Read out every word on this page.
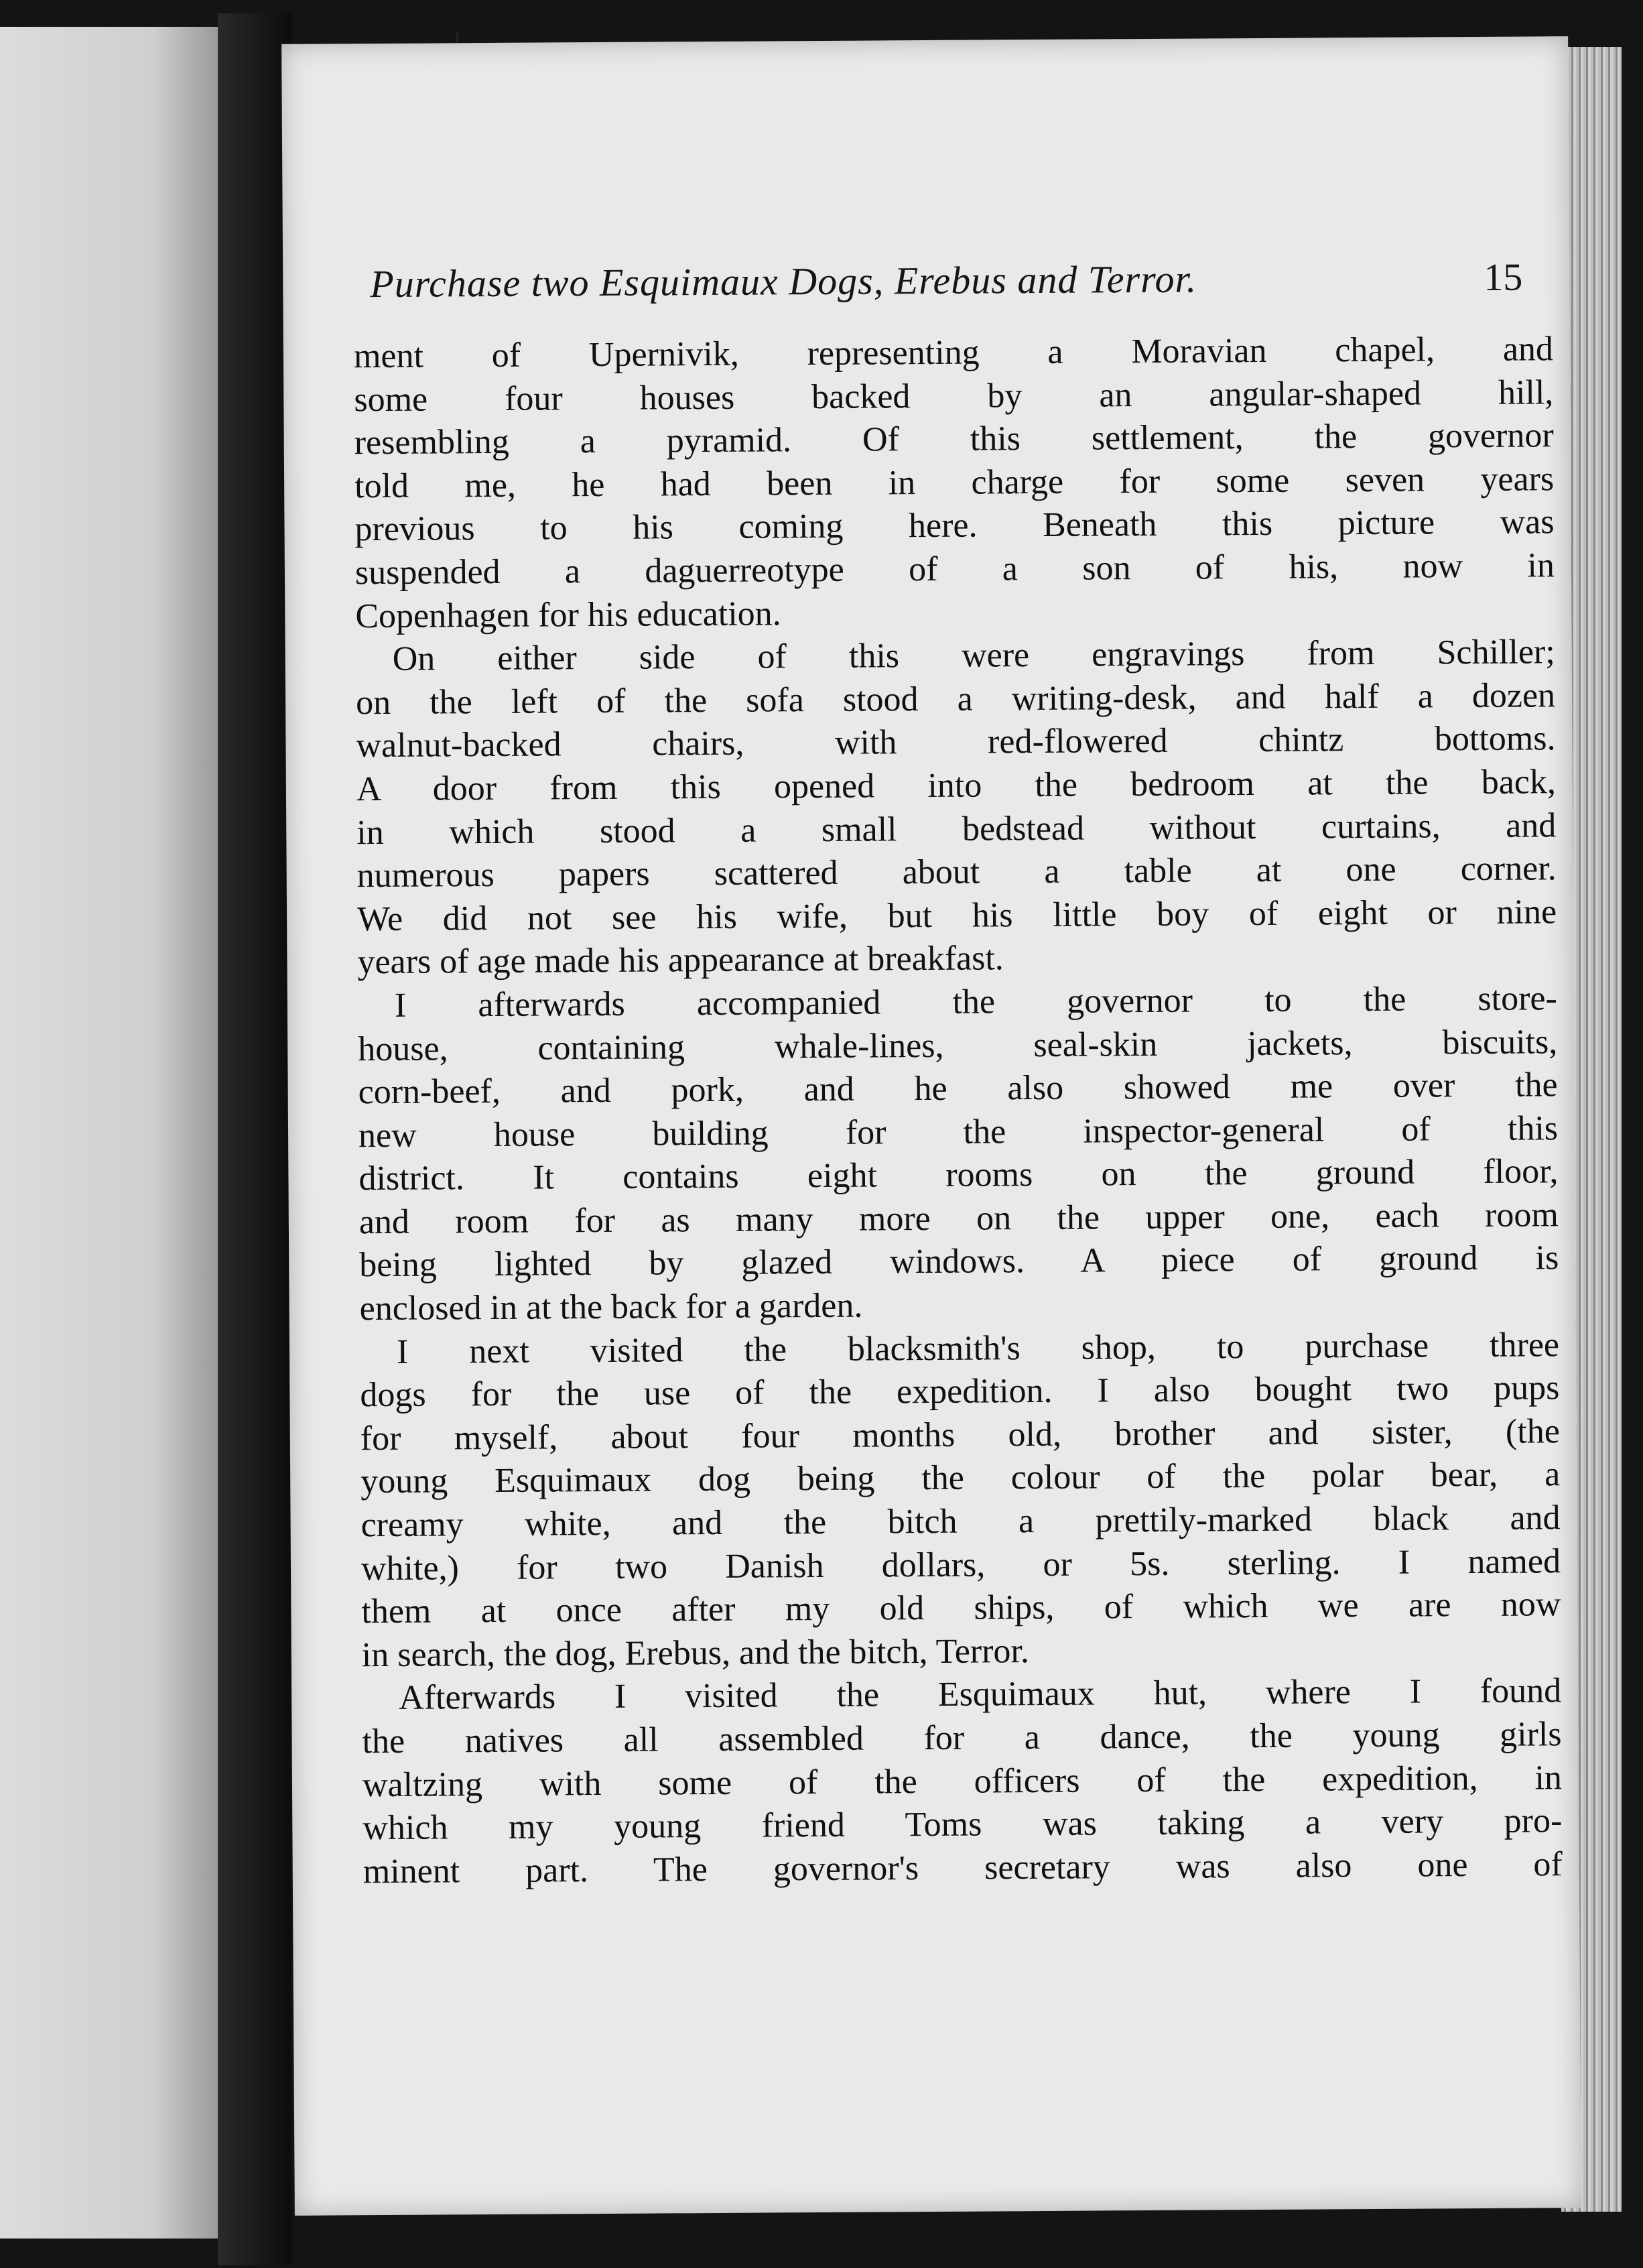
Purchase two Esquimaux Dogs, Erebus and Terror.	15
ment of Upernivik, representing a Moravian chapel, and
some four houses backed by an angular-shaped hill,
resembling a pyramid. Of this settlement, the governor
told me, he had been in charge for some seven years
previous to his coming here. Beneath this picture was
suspended a daguerreotype of a son of his, now in
Copenhagen for his education.
On either side of this were engravings from Schiller;
on the left of the sofa stood a writing-desk, and half a dozen
walnut-backed chairs, with red-flowered chintz bottoms.
A door from this opened into the bedroom at the back,
in which stood a small bedstead without curtains, and
numerous papers scattered about a table at one corner.
We did not see his wife, but his little boy of eight or nine
years of age made his appearance at breakfast.
I afterwards accompanied the governor to the store-
house, containing whale-lines, seal-skin jackets, biscuits,
corn-beef, and pork, and he also showed me over the
new house building for the inspector-general of this
district. It contains eight rooms on the ground floor,
and room for as many more on the upper one, each room
being lighted by glazed windows. A piece of ground is
enclosed in at the back for a garden.
I next visited the blacksmith's shop, to purchase three
dogs for the use of the expedition. I also bought two pups
for myself, about four months old, brother and sister, (the
young Esquimaux dog being the colour of the polar bear, a
creamy white, and the bitch a prettily-marked black and
white,) for two Danish dollars, or 5s. sterling. I named
them at once after my old ships, of which we are now
in search, the dog, Erebus, and the bitch, Terror.
Afterwards I visited the Esquimaux hut, where I found
the natives all assembled for a dance, the young girls
waltzing with some of the officers of the expedition, in
which my young friend Toms was taking a very pro-
minent part. The governor's secretary was also one of
